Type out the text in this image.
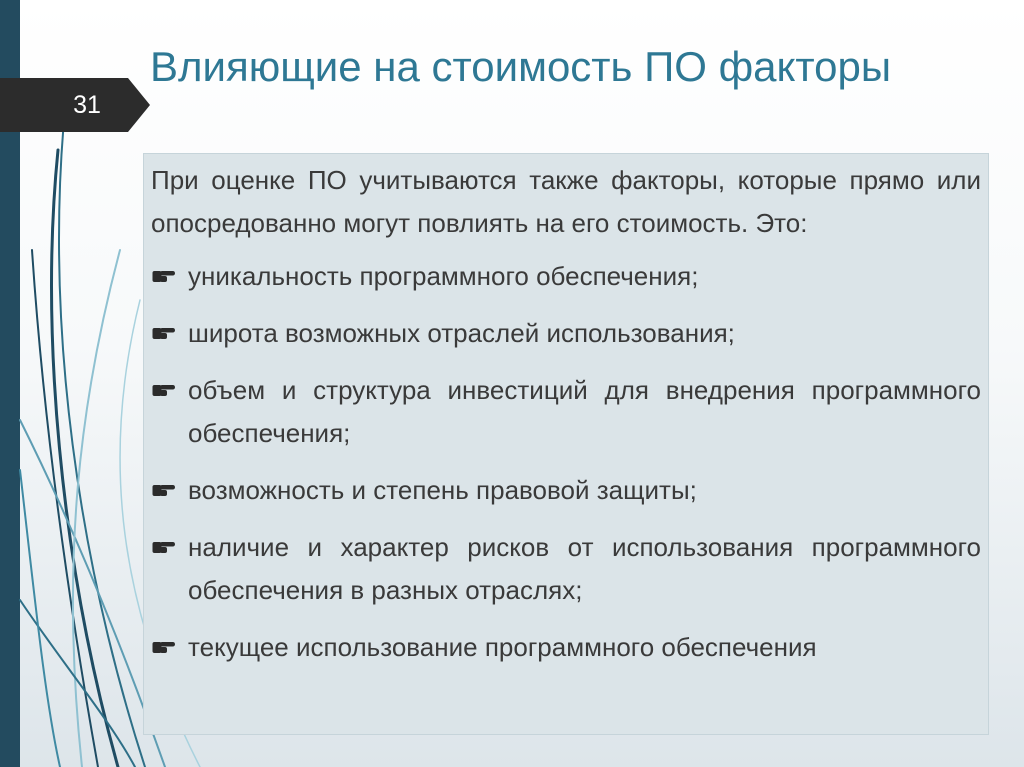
31
Влияющие на стоимость ПО факторы

При оценке ПО учитываются также факторы, которые прямо или опосредованно могут повлиять на его стоимость. Это:

уникальность программного обеспечения;
широта возможных отраслей использования;
объем и структура инвестиций для внедрения программного обеспечения;
возможность и степень правовой защиты;
наличие и характер рисков от использования программного обеспечения в разных отраслях;
текущее использование программного обеспечения
